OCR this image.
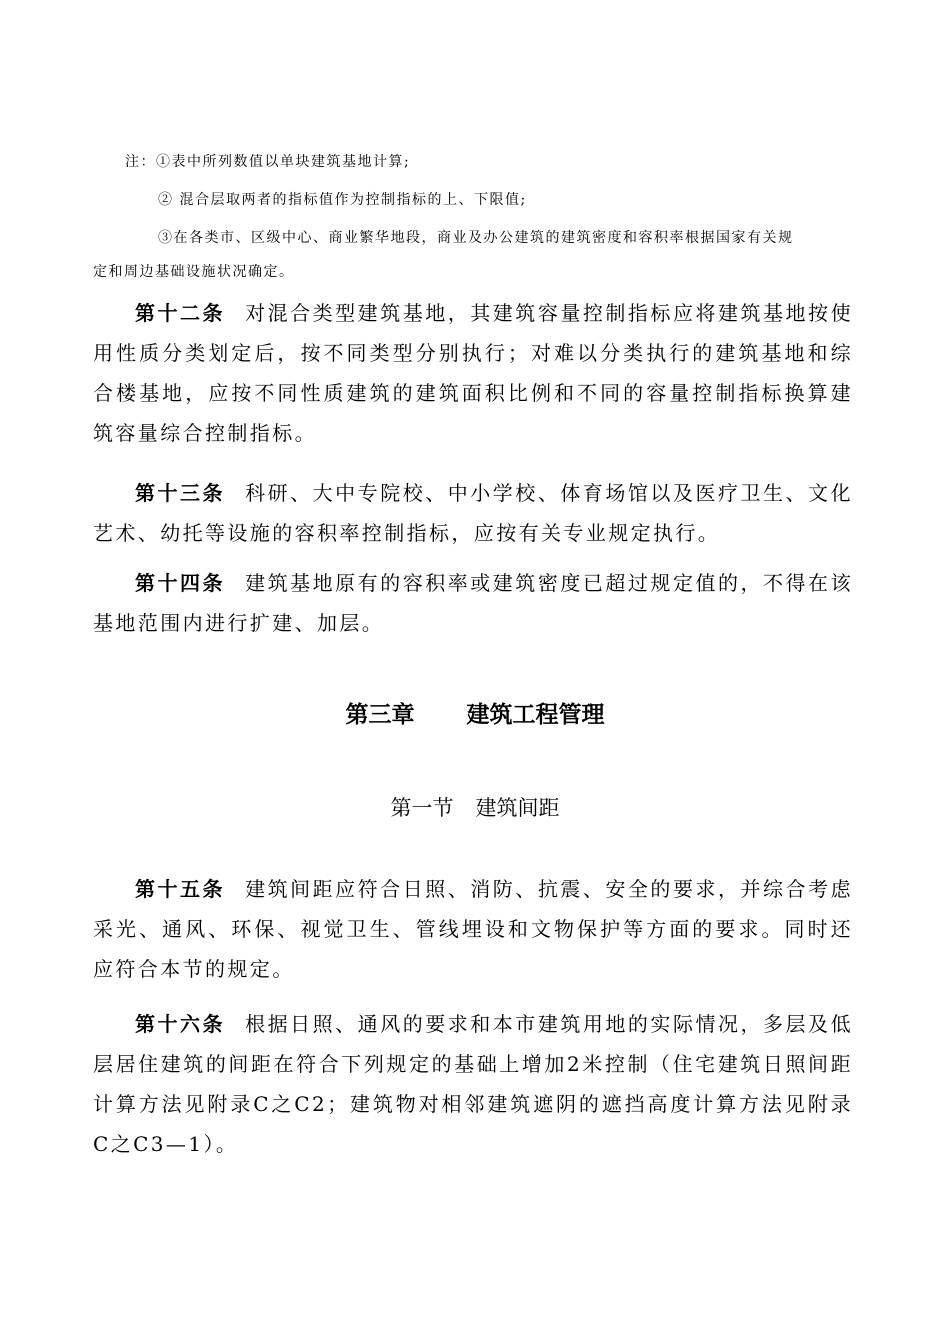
注：①表中所列数值以单块建筑基地计算;
② 混合层取两者的指标值作为控制指标的上、下限值;
③在各类市、区级中心、商业繁华地段，商业及办公建筑的建筑密度和容积率根据国家有关规
定和周边基础设施状况确定。

第十二条 对混合类型建筑基地，其建筑容量控制指标应将建筑基地按使用性质分类划定后，按不同类型分别执行；对难以分类执行的建筑基地和综合楼基地，应按不同性质建筑的建筑面积比例和不同的容量控制指标换算建筑容量综合控制指标。

第十三条 科研、大中专院校、中小学校、体育场馆以及医疗卫生、文化艺术、幼托等设施的容积率控制指标，应按有关专业规定执行。

第十四条 建筑基地原有的容积率或建筑密度已超过规定值的，不得在该基地范围内进行扩建、加层。

第三章 建筑工程管理
第一节 建筑间距

第十五条 建筑间距应符合日照、消防、抗震、安全的要求，并综合考虑采光、通风、环保、视觉卫生、管线埋设和文物保护等方面的要求。同时还应符合本节的规定。

第十六条 根据日照、通风的要求和本市建筑用地的实际情况，多层及低层居住建筑的间距在符合下列规定的基础上增加2米控制（住宅建筑日照间距计算方法见附录C之C2；建筑物对相邻建筑遮阴的遮挡高度计算方法见附录C之C3—1）。
